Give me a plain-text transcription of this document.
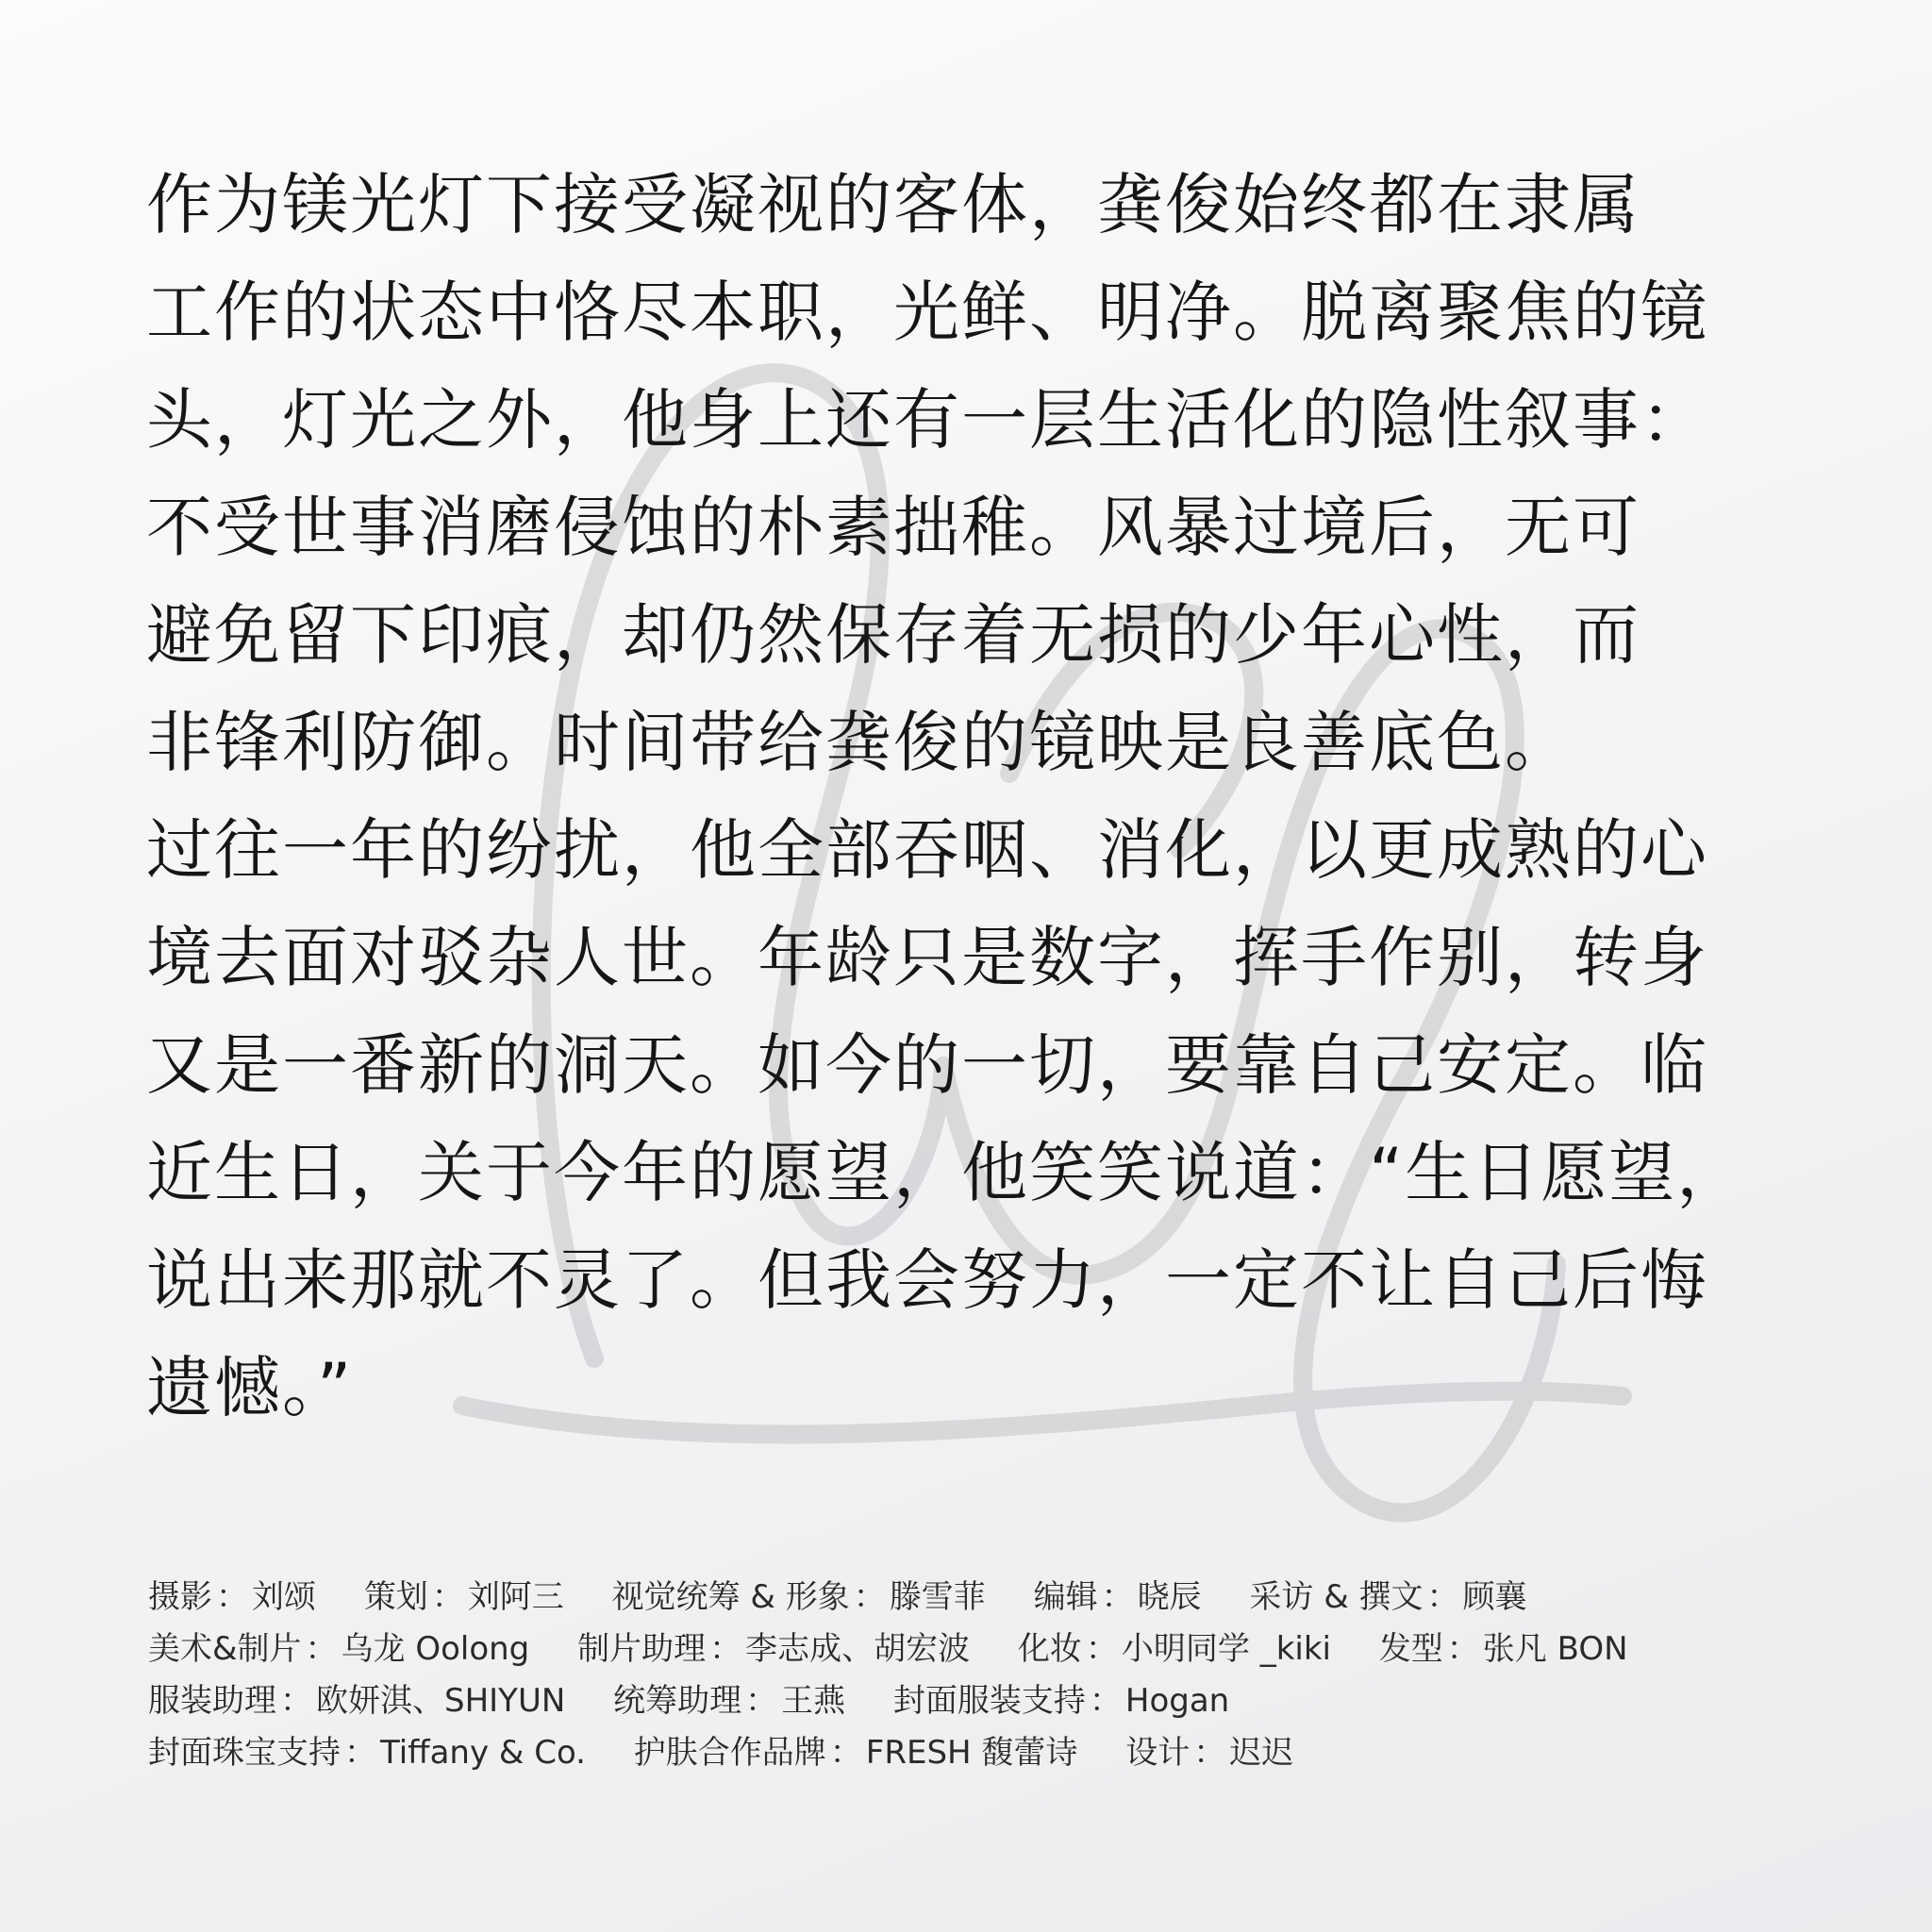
作为镁光灯下接受凝视的客体，龚俊始终都在隶属
工作的状态中恪尽本职，光鲜、明净。脱离聚焦的镜
头，灯光之外，他身上还有一层生活化的隐性叙事：
不受世事消磨侵蚀的朴素拙稚。风暴过境后，无可
避免留下印痕，却仍然保存着无损的少年心性，而
非锋利防御。时间带给龚俊的镜映是良善底色。
过往一年的纷扰，他全部吞咽、消化，以更成熟的心
境去面对驳杂人世。年龄只是数字，挥手作别，转身
又是一番新的洞天。如今的一切，要靠自己安定。临
近生日，关于今年的愿望，他笑笑说道：“生日愿望，
说出来那就不灵了。但我会努力，一定不让自己后悔
遗憾。”
摄影 ： 刘颂 策划 ： 刘阿三 视觉统筹 & 形象 ： 滕雪菲 编辑 ： 晓辰 采访 & 撰文 ： 顾襄
美术&制片 ： 乌龙 Oolong 制片助理 ： 李志成、胡宏波 化妆 ： 小明同学 _kiki 发型 ： 张凡 BON
服装助理 ： 欧妍淇、SHIYUN 统筹助理 ： 王燕 封面服装支持 ： Hogan
封面珠宝支持 ： Tiffany & Co. 护肤合作品牌 ： FRESH 馥蕾诗 设计 ： 迟迟
